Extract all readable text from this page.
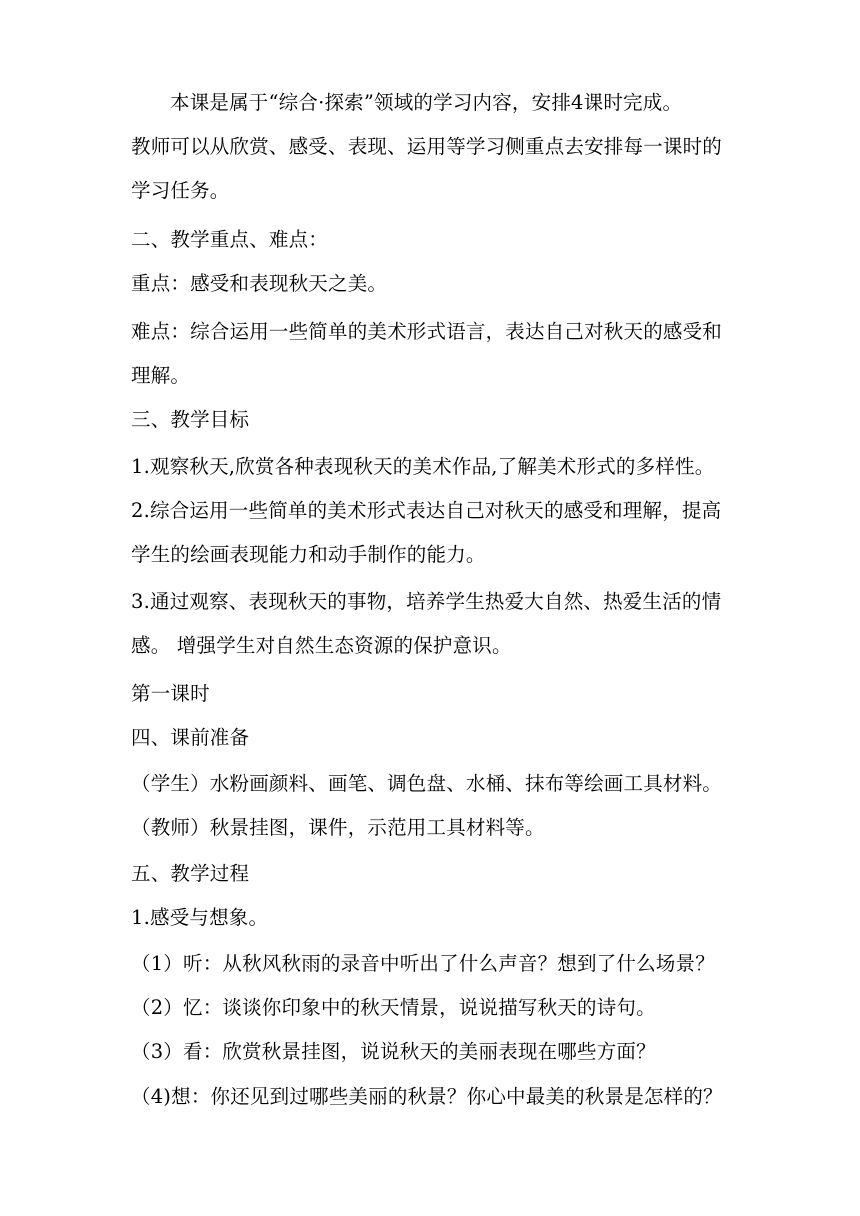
本课是属于“综合·探索”领域的学习内容，安排4课时完成。
教师可以从欣赏、感受、表现、运用等学习侧重点去安排每一课时的
学习任务。
二、教学重点、难点：
重点：感受和表现秋天之美。
难点：综合运用一些简单的美术形式语言，表达自己对秋天的感受和
理解。
三、教学目标
1.观察秋天,欣赏各种表现秋天的美术作品,了解美术形式的多样性。
2.综合运用一些简单的美术形式表达自己对秋天的感受和理解，提高
学生的绘画表现能力和动手制作的能力。
3.通过观察、表现秋天的事物，培养学生热爱大自然、热爱生活的情
感。 增强学生对自然生态资源的保护意识。
第一课时
四、课前准备
（学生）水粉画颜料、画笔、调色盘、水桶、抹布等绘画工具材料。
（教师）秋景挂图，课件，示范用工具材料等。
五、教学过程
1.感受与想象。
（1）听：从秋风秋雨的录音中听出了什么声音？想到了什么场景？
（2）忆：谈谈你印象中的秋天情景，说说描写秋天的诗句。
（3）看：欣赏秋景挂图，说说秋天的美丽表现在哪些方面？
（4)想：你还见到过哪些美丽的秋景？你心中最美的秋景是怎样的？
